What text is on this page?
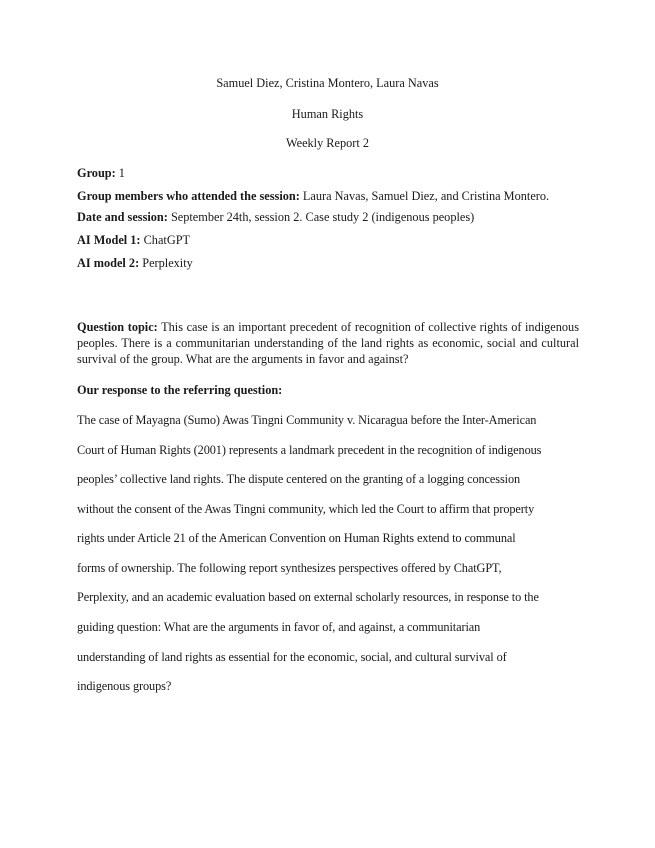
Samuel Diez, Cristina Montero, Laura Navas
Human Rights
Weekly Report 2
Group: 1
Group members who attended the session: Laura Navas, Samuel Diez, and Cristina Montero.
Date and session: September 24th, session 2. Case study 2 (indigenous peoples)
AI Model 1: ChatGPT
AI model 2: Perplexity
Question topic: This case is an important precedent of recognition of collective rights of indigenous peoples. There is a communitarian understanding of the land rights as economic, social and cultural survival of the group. What are the arguments in favor and against?
Our response to the referring question:
The case of Mayagna (Sumo) Awas Tingni Community v. Nicaragua before the Inter-American
Court of Human Rights (2001) represents a landmark precedent in the recognition of indigenous
peoples’ collective land rights. The dispute centered on the granting of a logging concession
without the consent of the Awas Tingni community, which led the Court to affirm that property
rights under Article 21 of the American Convention on Human Rights extend to communal
forms of ownership. The following report synthesizes perspectives offered by ChatGPT,
Perplexity, and an academic evaluation based on external scholarly resources, in response to the
guiding question: What are the arguments in favor of, and against, a communitarian
understanding of land rights as essential for the economic, social, and cultural survival of
indigenous groups?
